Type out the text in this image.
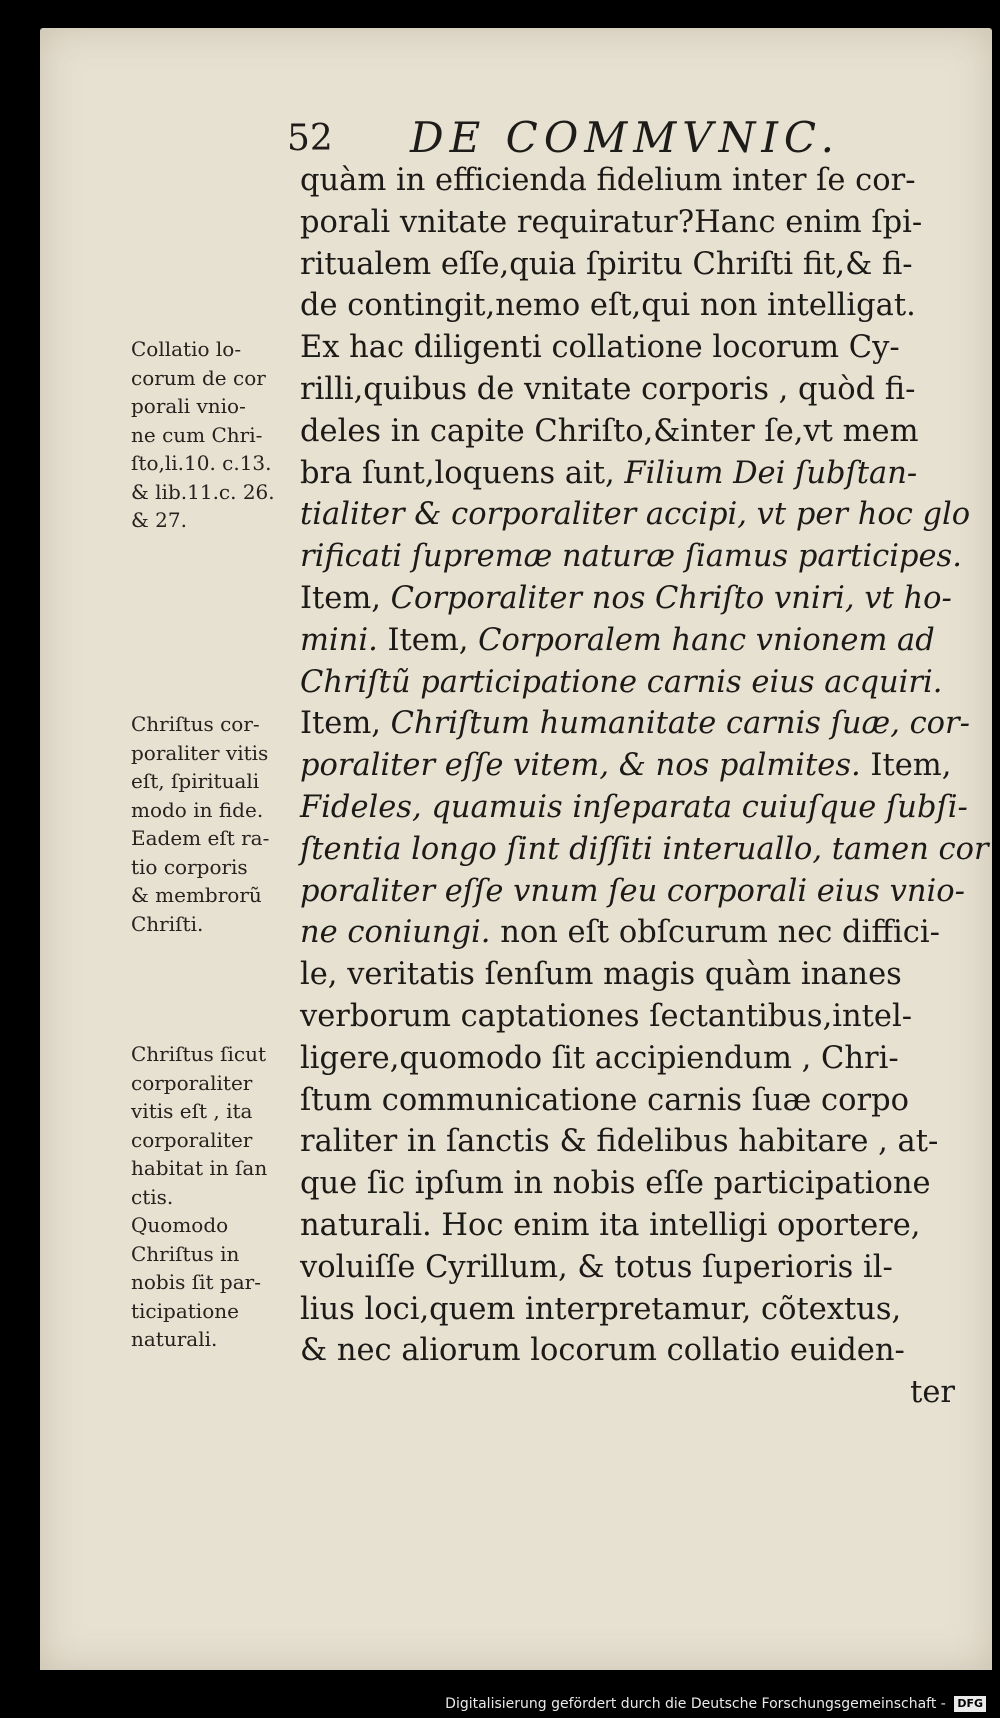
52 DE COMMVNIC.
quàm in efficienda fidelium inter ſe cor-
porali vnitate requiratur?Hanc enim ſpi-
ritualem eſſe,quia ſpiritu Chriſti fit,& fi-
de contingit,nemo eſt,qui non intelligat.
Ex hac diligenti collatione locorum Cy-
rilli,quibus de vnitate corporis , quòd fi-
deles in capite Chriſto,&inter ſe,vt mem
bra ſunt,loquens ait, Filium Dei ſubſtan-
tialiter & corporaliter accipi, vt per hoc glo
rificati ſupremæ naturæ ſiamus participes.
Item, Corporaliter nos Chriſto vniri, vt ho-
mini. Item, Corporalem hanc vnionem ad
Chriſtũ participatione carnis eius acquiri.
Item, Chriſtum humanitate carnis ſuæ, cor-
poraliter eſſe vitem, & nos palmites. Item,
Fideles, quamuis inſeparata cuiuſque ſubſi-
ſtentia longo ſint diſſiti interuallo, tamen cor
poraliter eſſe vnum ſeu corporali eius vnio-
ne coniungi. non eſt obſcurum nec diffici-
le, veritatis ſenſum magis quàm inanes
verborum captationes ſectantibus,intel-
ligere,quomodo ſit accipiendum , Chri-
ſtum communicatione carnis ſuæ corpo
raliter in ſanctis & fidelibus habitare , at-
que ſic ipſum in nobis eſſe participatione
naturali. Hoc enim ita intelligi oportere,
voluiſſe Cyrillum, & totus ſuperioris il-
lius loci,quem interpretamur, cõtextus,
& nec aliorum locorum collatio euiden-
ter
Collatio lo-
corum de cor
porali vnio-
ne cum Chri-
ſto,li.10. c.13.
& lib.11.c. 26.
& 27.
Chriſtus cor-
poraliter vitis
eſt, ſpirituali
modo in fide.
Eadem eſt ra-
tio corporis
& membrorũ
Chriſti.
Chriſtus ſicut
corporaliter
vitis eſt , ita
corporaliter
habitat in ſan
ctis.
Quomodo
Chriſtus in
nobis ſit par-
ticipatione
naturali.
Digitalisierung gefördert durch die Deutsche Forschungsgemeinschaft - DFG
